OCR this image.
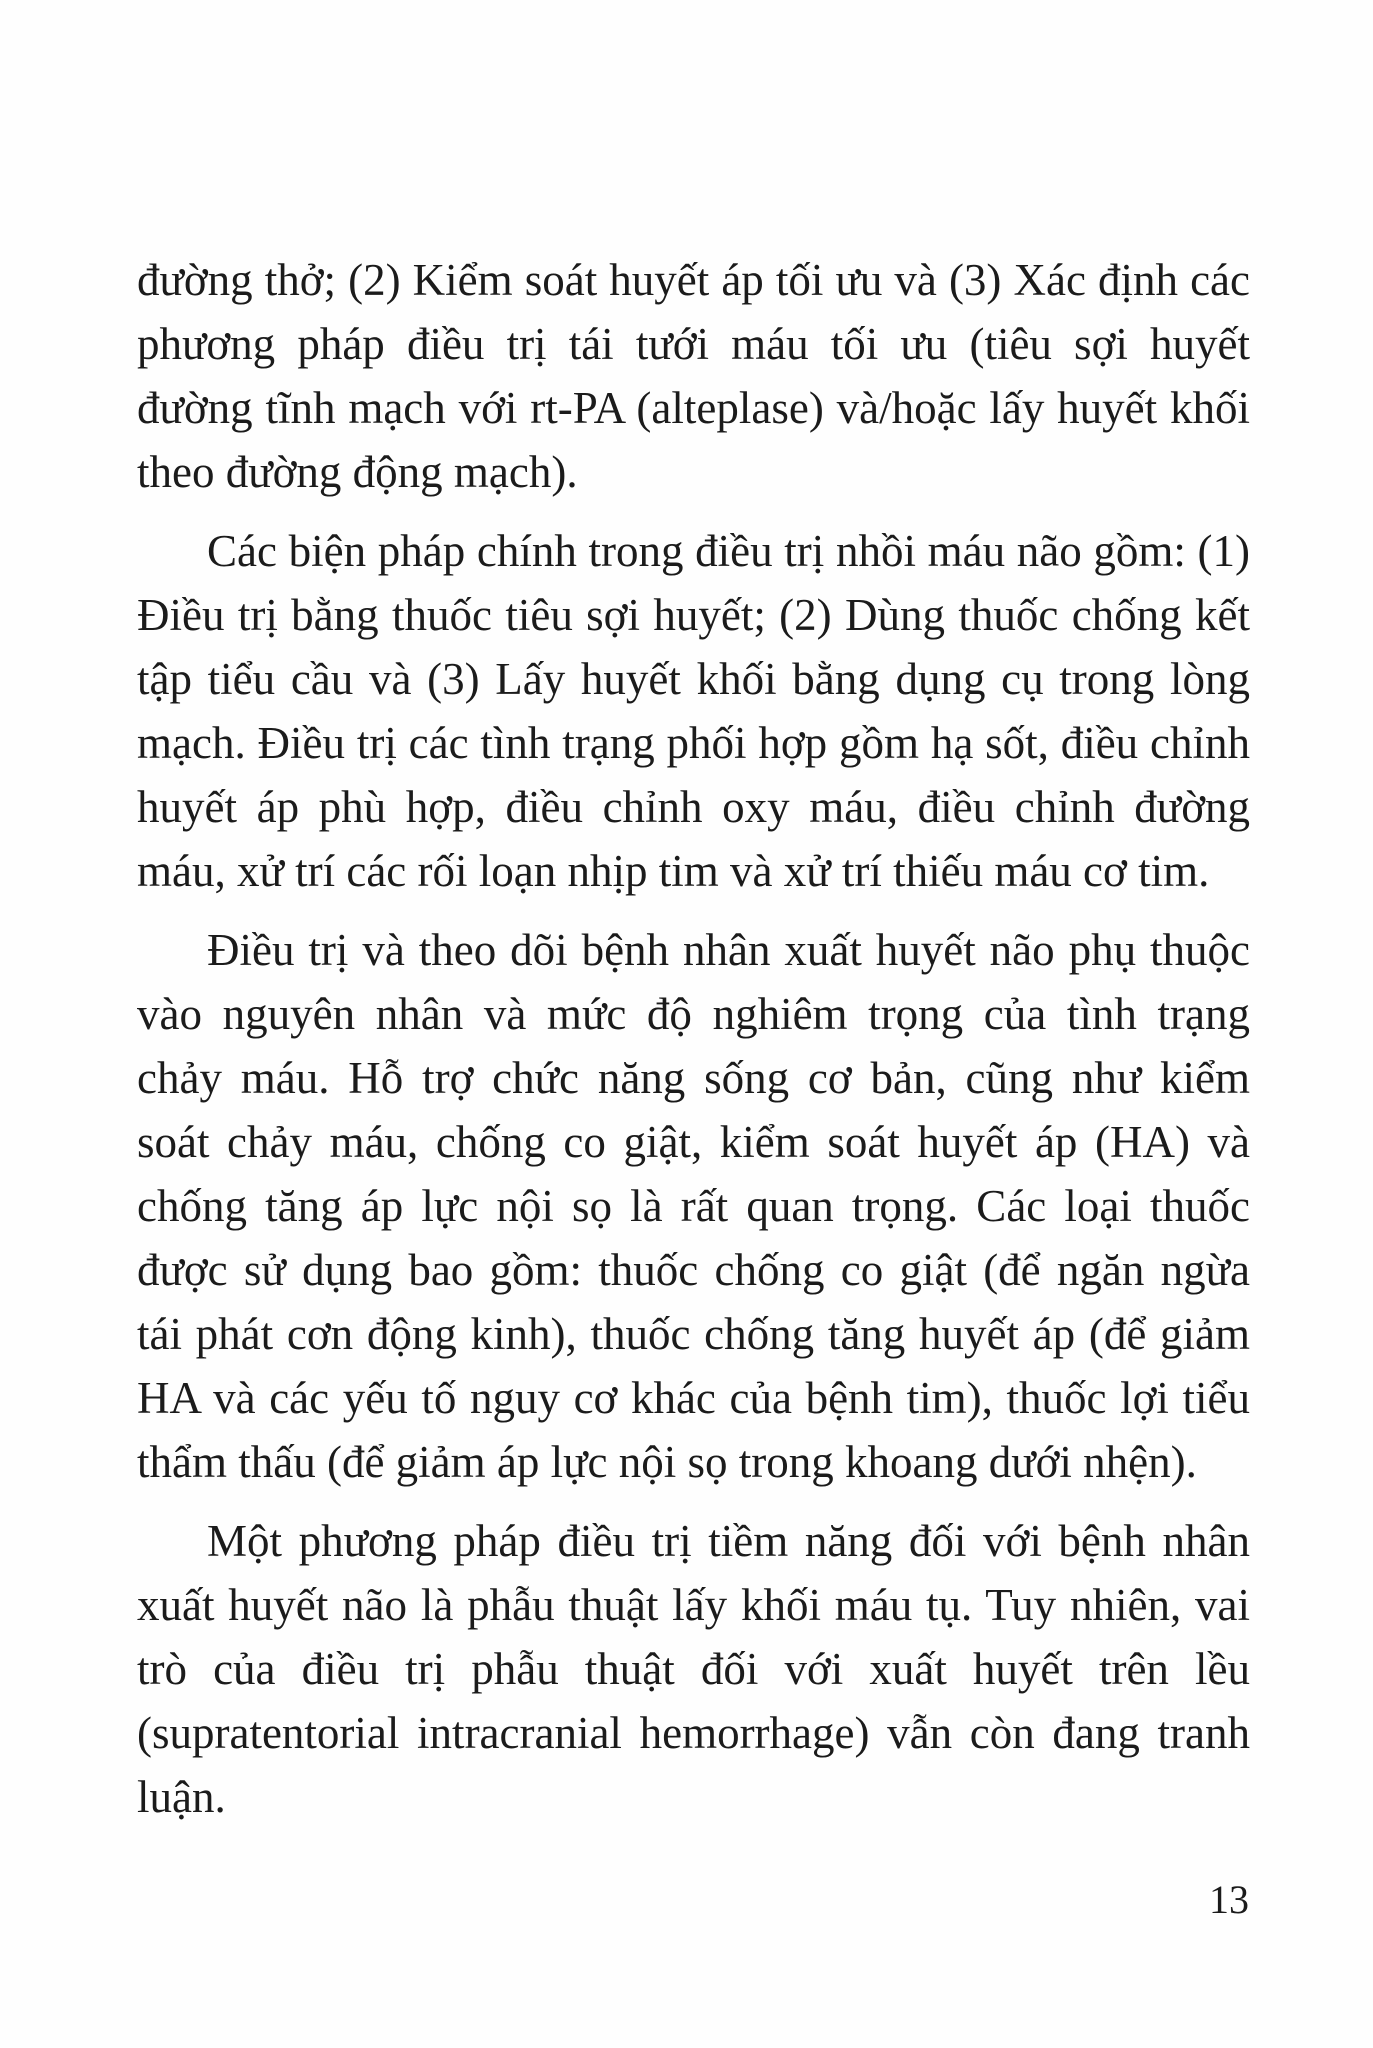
đường thở; (2) Kiểm soát huyết áp tối ưu và (3) Xác định các phương pháp điều trị tái tưới máu tối ưu (tiêu sợi huyết đường tĩnh mạch với rt-PA (alteplase) và/hoặc lấy huyết khối theo đường động mạch).

Các biện pháp chính trong điều trị nhồi máu não gồm: (1) Điều trị bằng thuốc tiêu sợi huyết; (2) Dùng thuốc chống kết tập tiểu cầu và (3) Lấy huyết khối bằng dụng cụ trong lòng mạch. Điều trị các tình trạng phối hợp gồm hạ sốt, điều chỉnh huyết áp phù hợp, điều chỉnh oxy máu, điều chỉnh đường máu, xử trí các rối loạn nhịp tim và xử trí thiếu máu cơ tim.

Điều trị và theo dõi bệnh nhân xuất huyết não phụ thuộc vào nguyên nhân và mức độ nghiêm trọng của tình trạng chảy máu. Hỗ trợ chức năng sống cơ bản, cũng như kiểm soát chảy máu, chống co giật, kiểm soát huyết áp (HA) và chống tăng áp lực nội sọ là rất quan trọng. Các loại thuốc được sử dụng bao gồm: thuốc chống co giật (để ngăn ngừa tái phát cơn động kinh), thuốc chống tăng huyết áp (để giảm HA và các yếu tố nguy cơ khác của bệnh tim), thuốc lợi tiểu thẩm thấu (để giảm áp lực nội sọ trong khoang dưới nhện).

Một phương pháp điều trị tiềm năng đối với bệnh nhân xuất huyết não là phẫu thuật lấy khối máu tụ. Tuy nhiên, vai trò của điều trị phẫu thuật đối với xuất huyết trên lều (supratentorial intracranial hemorrhage) vẫn còn đang tranh luận.

13
